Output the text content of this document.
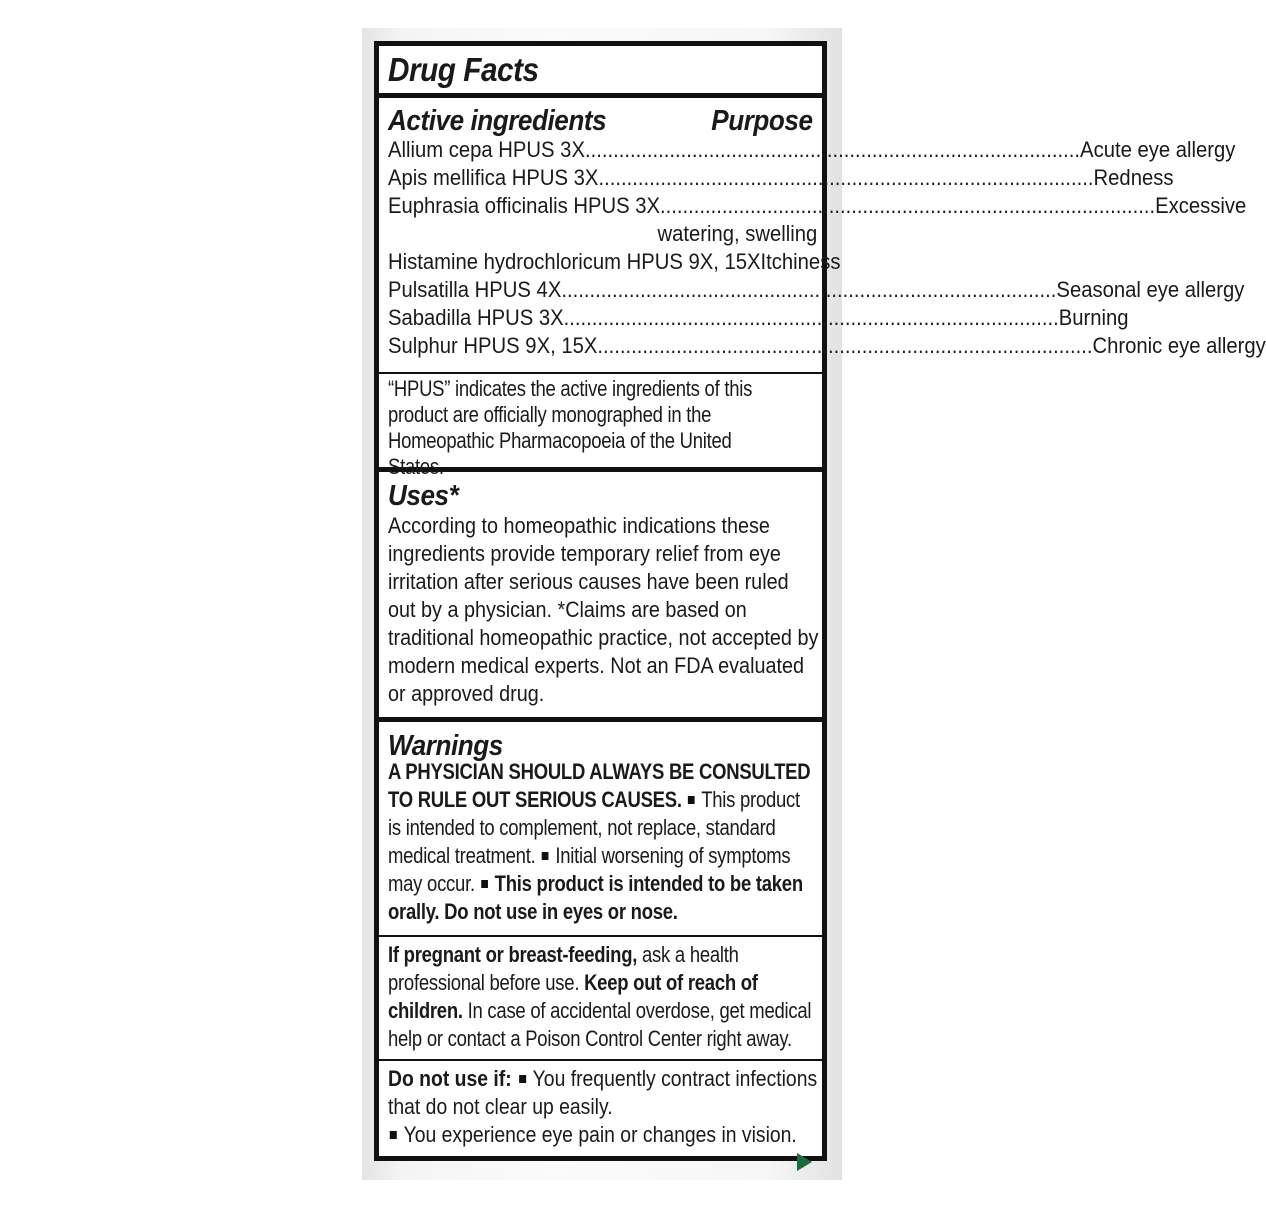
Drug Facts
Active ingredients	Purpose
Allium cepa HPUS 3X .....	Acute eye allergy
Apis mellifica HPUS 3X .....	Redness
Euphrasia officinalis HPUS 3X .....	Excessive
watering, swelling
Histamine hydrochloricum HPUS 9X, 15X Itchiness
Pulsatilla HPUS 4X .....	Seasonal eye allergy
Sabadilla HPUS 3X .....	Burning
Sulphur HPUS 9X, 15X .....	Chronic eye allergy
“HPUS” indicates the active ingredients of this product are officially monographed in the Homeopathic Pharmacopoeia of the United States.
Uses*
According to homeopathic indications these ingredients provide temporary relief from eye irritation after serious causes have been ruled out by a physician. *Claims are based on traditional homeopathic practice, not accepted by modern medical experts. Not an FDA evaluated or approved drug.
Warnings
A PHYSICIAN SHOULD ALWAYS BE CONSULTED TO RULE OUT SERIOUS CAUSES. This product is intended to complement, not replace, standard medical treatment. Initial worsening of symptoms may occur. This product is intended to be taken orally. Do not use in eyes or nose.
If pregnant or breast-feeding, ask a health professional before use. Keep out of reach of children. In case of accidental overdose, get medical help or contact a Poison Control Center right away.
Do not use if: You frequently contract infections that do not clear up easily.
You experience eye pain or changes in vision.
